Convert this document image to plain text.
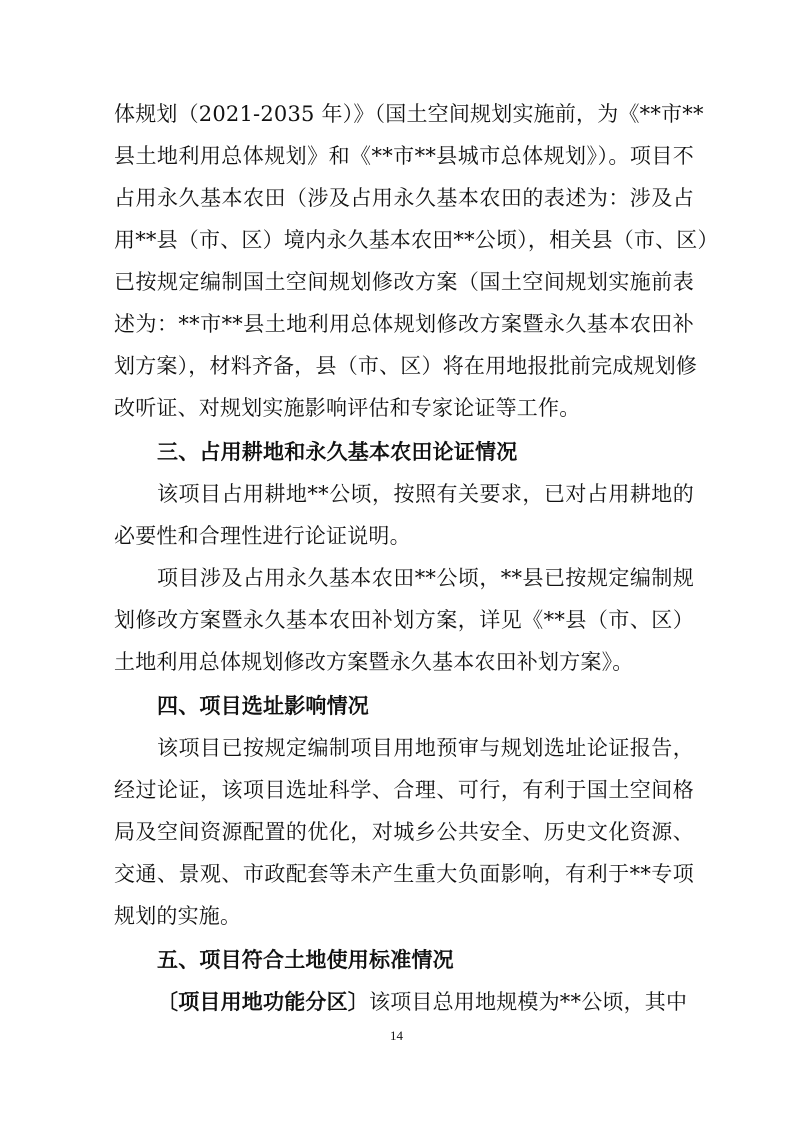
体规划（2021-2035 年）》（国土空间规划实施前，为《**市**
县土地利用总体规划》和《**市**县城市总体规划》）。项目不
占用永久基本农田（涉及占用永久基本农田的表述为：涉及占
用**县（市、区）境内永久基本农田**公顷），相关县（市、区）
已按规定编制国土空间规划修改方案（国土空间规划实施前表
述为：**市**县土地利用总体规划修改方案暨永久基本农田补
划方案），材料齐备，县（市、区）将在用地报批前完成规划修
改听证、对规划实施影响评估和专家论证等工作。
三、占用耕地和永久基本农田论证情况
该项目占用耕地**公顷，按照有关要求，已对占用耕地的
必要性和合理性进行论证说明。
项目涉及占用永久基本农田**公顷，**县已按规定编制规
划修改方案暨永久基本农田补划方案，详见《**县（市、区）
土地利用总体规划修改方案暨永久基本农田补划方案》。
四、项目选址影响情况
该项目已按规定编制项目用地预审与规划选址论证报告，
经过论证，该项目选址科学、合理、可行，有利于国土空间格
局及空间资源配置的优化，对城乡公共安全、历史文化资源、
交通、景观、市政配套等未产生重大负面影响，有利于**专项
规划的实施。
五、项目符合土地使用标准情况
〔项目用地功能分区〕该项目总用地规模为**公顷，其中
14
